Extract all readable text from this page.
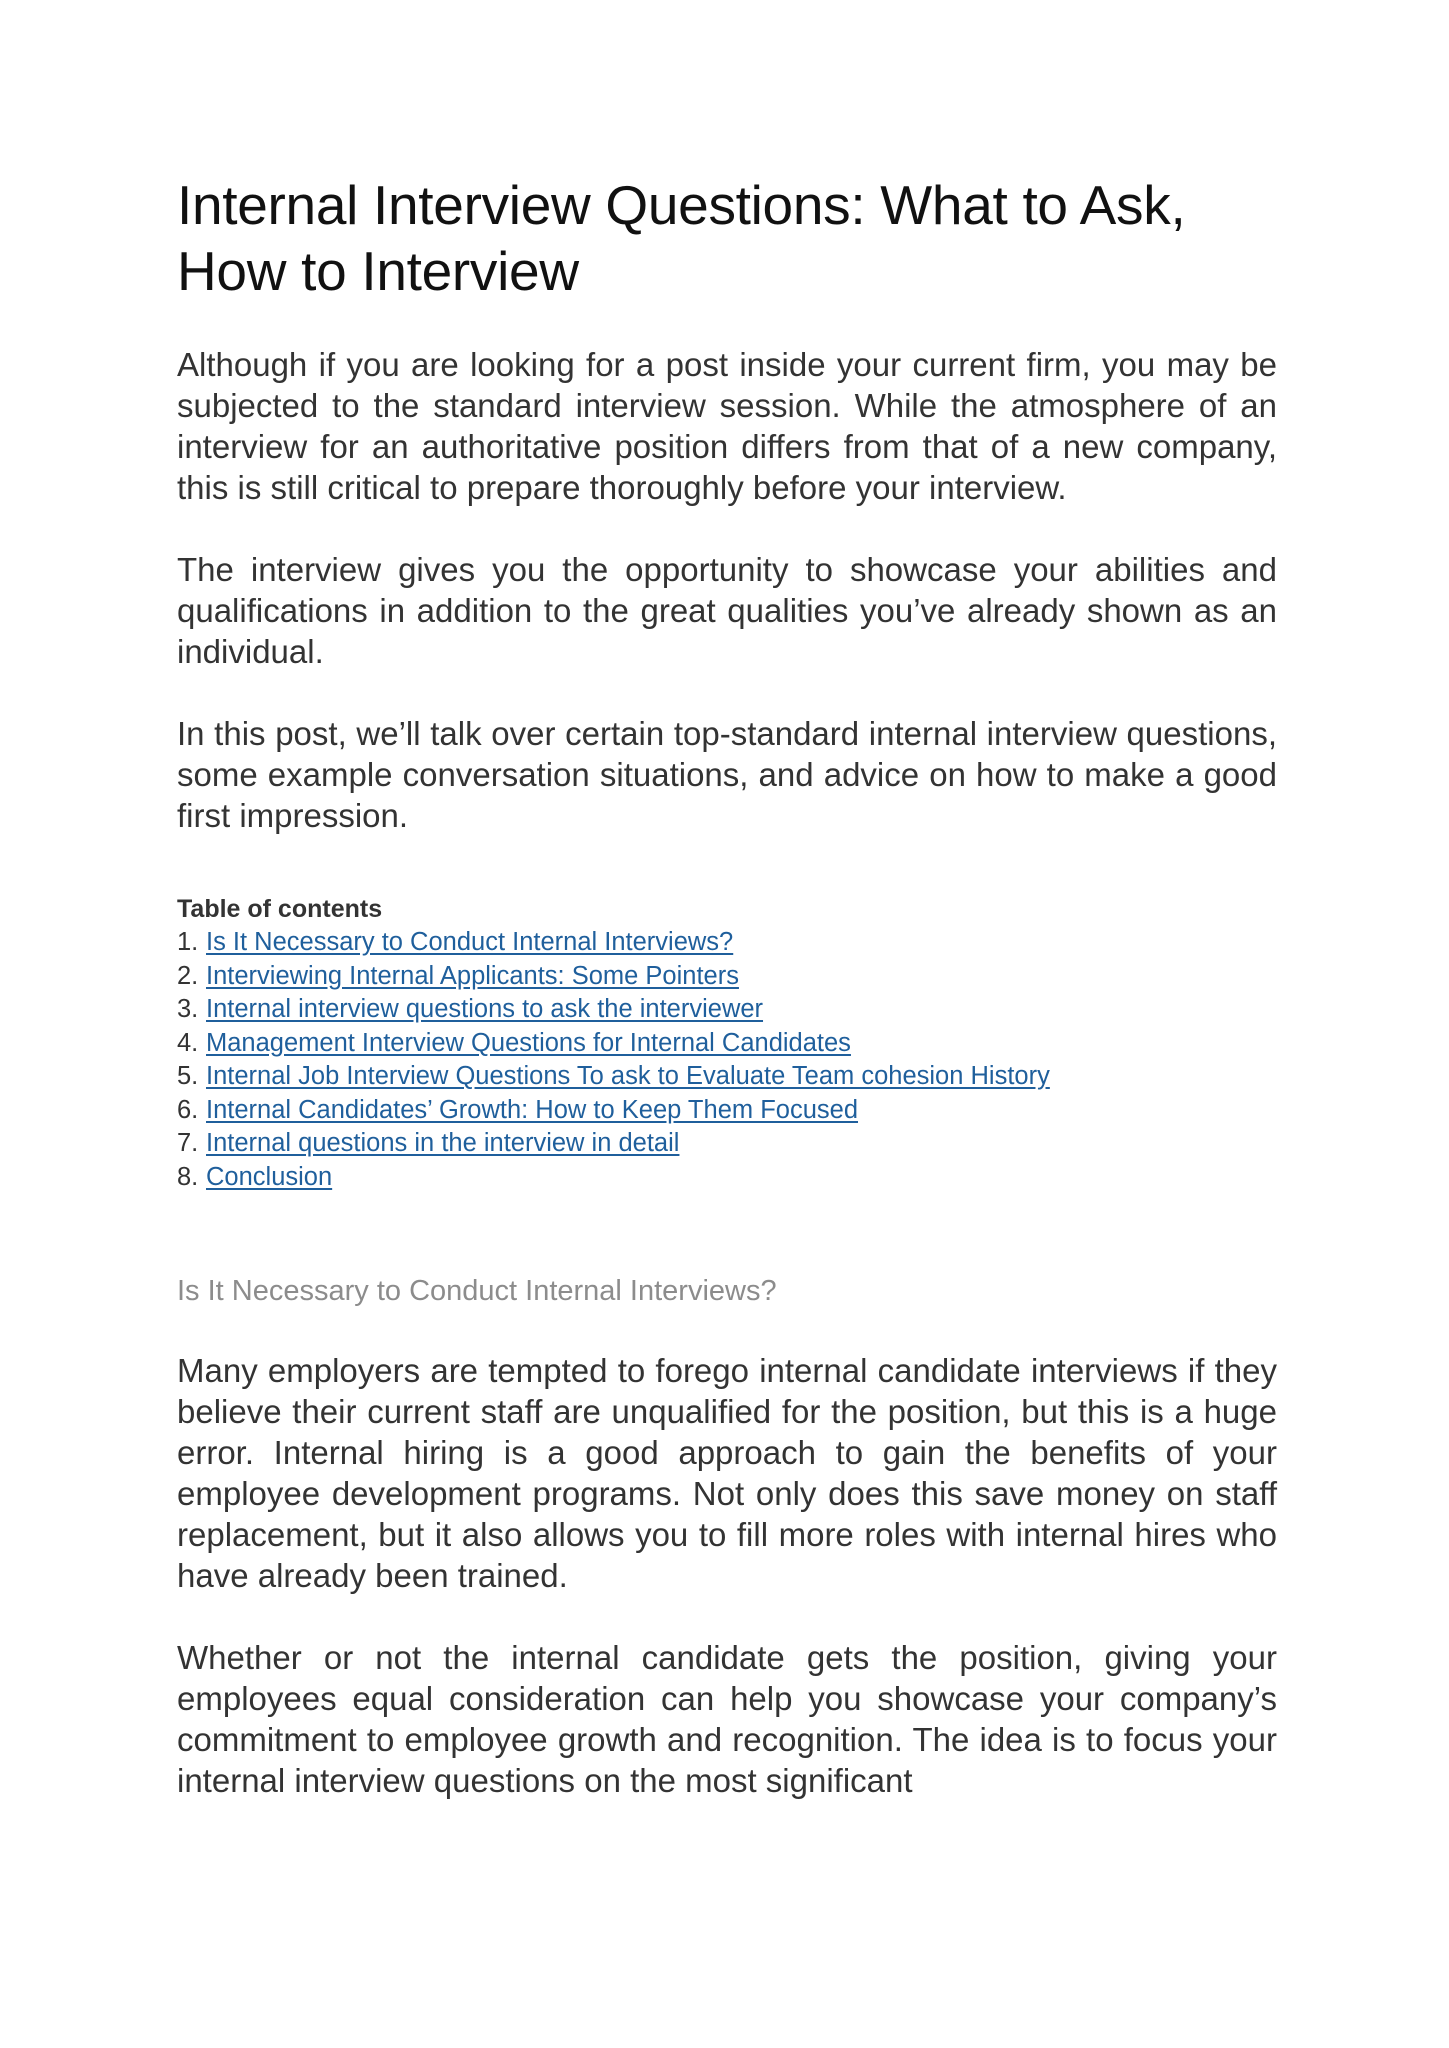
Internal Interview Questions: What to Ask, How to Interview

Although if you are looking for a post inside your current firm, you may be subjected to the standard interview session. While the atmosphere of an interview for an authoritative position differs from that of a new company, this is still critical to prepare thoroughly before your interview.

The interview gives you the opportunity to showcase your abilities and qualifications in addition to the great qualities you’ve already shown as an individual.

In this post, we’ll talk over certain top-standard internal interview questions, some example conversation situations, and advice on how to make a good first impression.

Table of contents

1. Is It Necessary to Conduct Internal Interviews?
2. Interviewing Internal Applicants: Some Pointers
3. Internal interview questions to ask the interviewer
4. Management Interview Questions for Internal Candidates
5. Internal Job Interview Questions To ask to Evaluate Team cohesion History
6. Internal Candidates’ Growth: How to Keep Them Focused
7. Internal questions in the interview in detail
8. Conclusion
Is It Necessary to Conduct Internal Interviews?

Many employers are tempted to forego internal candidate interviews if they believe their current staff are unqualified for the position, but this is a huge error. Internal hiring is a good approach to gain the benefits of your employee development programs. Not only does this save money on staff replacement, but it also allows you to fill more roles with internal hires who have already been trained.

Whether or not the internal candidate gets the position, giving your employees equal consideration can help you showcase your company’s commitment to employee growth and recognition. The idea is to focus your internal interview questions on the most significant
